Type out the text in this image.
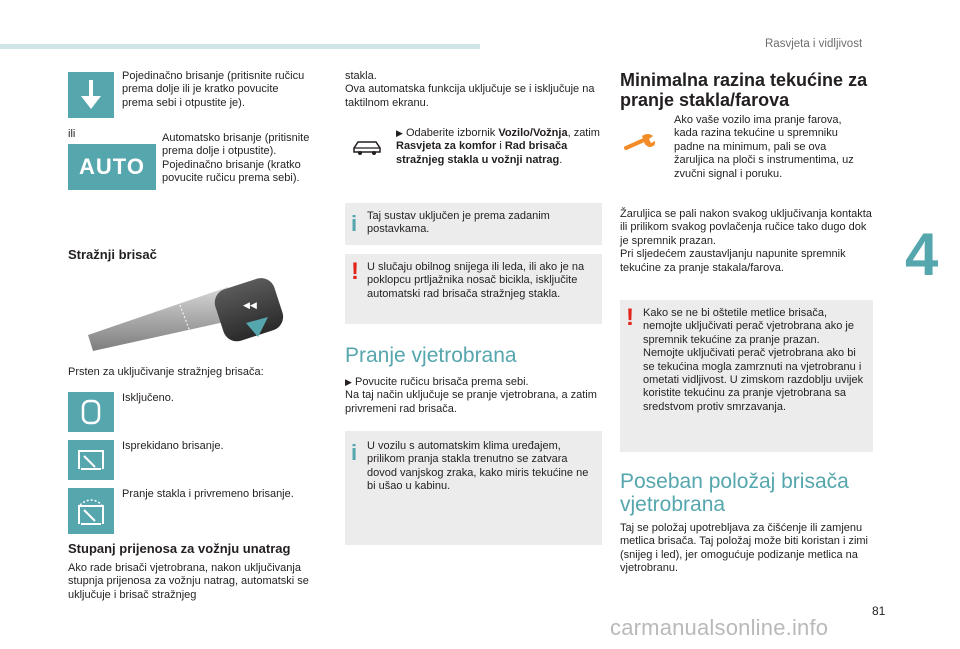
Rasvjeta i vidljivost
4
81
carmanualsonline.info
Pojedinačno brisanje (pritisnite ručicu prema dolje ili je kratko povucite prema sebi i otpustite je).
ili
AUTO
Automatsko brisanje (pritisnite prema dolje i otpustite).
Pojedinačno brisanje (kratko povucite ručicu prema sebi).
Stražnji brisač
◀◀
Prsten za uključivanje stražnjeg brisača:
Isključeno.
Isprekidano brisanje.
Pranje stakla i privremeno brisanje.
Stupanj prijenosa za vožnju unatrag
Ako rade brisači vjetrobrana, nakon uključivanja stupnja prijenosa za vožnju natrag, automatski se uključuje i brisač stražnjeg
stakla.
Ova automatska funkcija uključuje se i isključuje na taktilnom ekranu.
▶ Odaberite izbornik Vozilo/Vožnja, zatim Rasvjeta za komfor i Rad brisača stražnjeg stakla u vožnji natrag.
i Taj sustav uključen je prema zadanim postavkama.
! U slučaju obilnog snijega ili leda, ili ako je na poklopcu prtljažnika nosač bicikla, isključite automatski rad brisača stražnjeg stakla.
Pranje vjetrobrana
▶ Povucite ručicu brisača prema sebi.
Na taj način uključuje se pranje vjetrobrana, a zatim privremeni rad brisača.
i U vozilu s automatskim klima uređajem, prilikom pranja stakla trenutno se zatvara dovod vanjskog zraka, kako miris tekućine ne bi ušao u kabinu.
Minimalna razina tekućine za pranje stakla/farova
Ako vaše vozilo ima pranje farova, kada razina tekućine u spremniku padne na minimum, pali se ova žaruljica na ploči s instrumentima, uz zvučni signal i poruku.
Žaruljica se pali nakon svakog uključivanja kontakta ili prilikom svakog povlačenja ručice tako dugo dok je spremnik prazan.
Pri sljedećem zaustavljanju napunite spremnik tekućine za pranje stakala/farova.
! Kako se ne bi oštetile metlice brisača, nemojte uključivati perač vjetrobrana ako je spremnik tekućine za pranje prazan.
Nemojte uključivati perač vjetrobrana ako bi se tekućina mogla zamrznuti na vjetrobranu i ometati vidljivost. U zimskom razdoblju uvijek koristite tekućinu za pranje vjetrobrana sa sredstvom protiv smrzavanja.
Poseban položaj brisača vjetrobrana
Taj se položaj upotrebljava za čišćenje ili zamjenu metlica brisača. Taj položaj može biti koristan i zimi (snijeg i led), jer omogućuje podizanje metlica na vjetrobranu.
